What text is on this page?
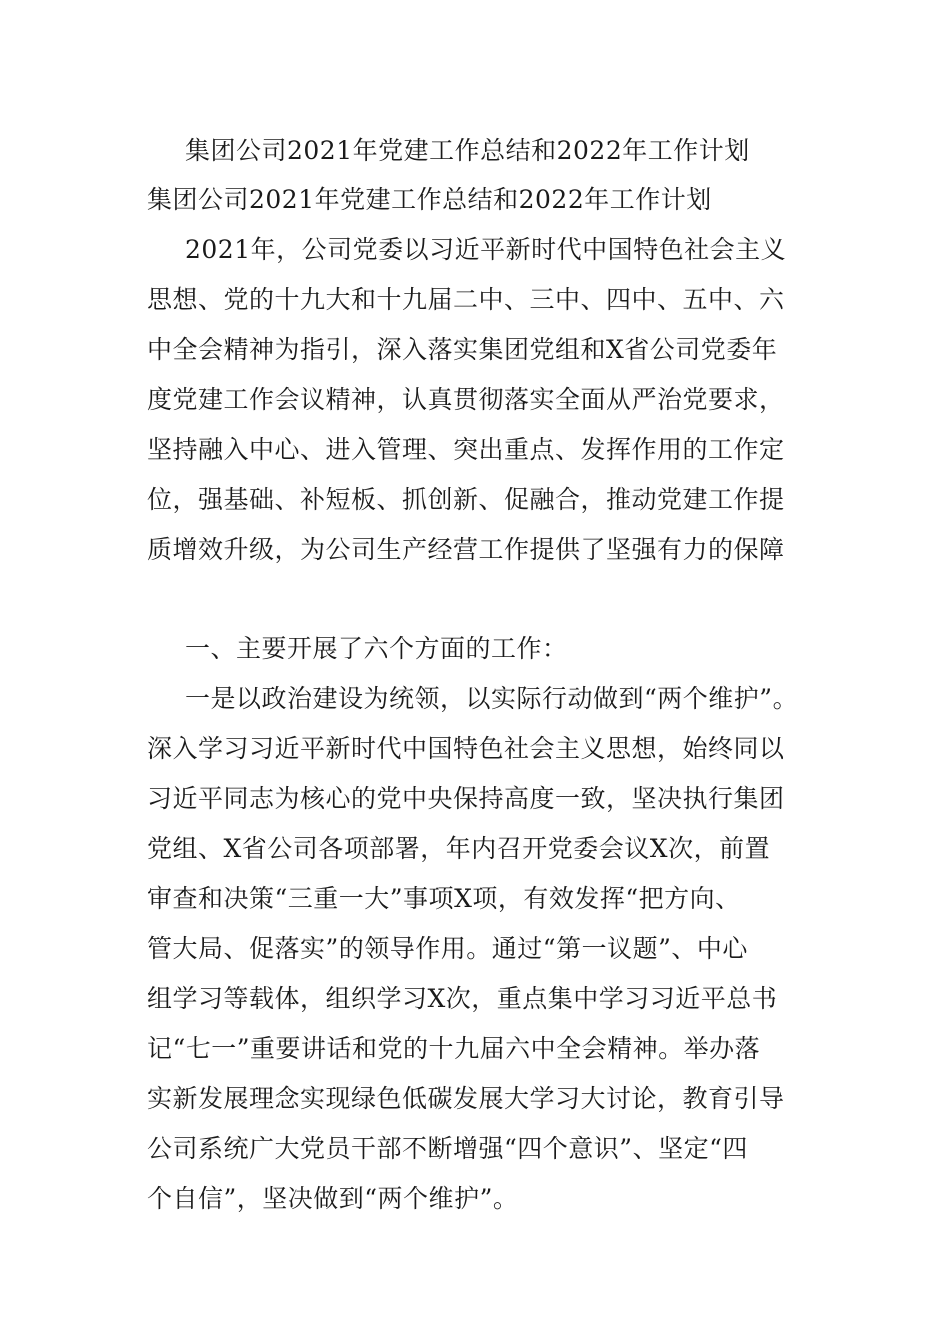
集团公司2021年党建工作总结和2022年工作计划
集团公司2021年党建工作总结和2022年工作计划
2021年，公司党委以习近平新时代中国特色社会主义
思想、党的十九大和十九届二中、三中、四中、五中、六
中全会精神为指引，深入落实集团党组和X省公司党委年
度党建工作会议精神，认真贯彻落实全面从严治党要求，
坚持融入中心、进入管理、突出重点、发挥作用的工作定
位，强基础、补短板、抓创新、促融合，推动党建工作提
质增效升级，为公司生产经营工作提供了坚强有力的保障
一、主要开展了六个方面的工作：
一是以政治建设为统领，以实际行动做到“两个维护”。
深入学习习近平新时代中国特色社会主义思想，始终同以
习近平同志为核心的党中央保持高度一致，坚决执行集团
党组、X省公司各项部署，年内召开党委会议X次，前置
审查和决策“三重一大”事项X项，有效发挥“把方向、
管大局、促落实”的领导作用。通过“第一议题”、中心
组学习等载体，组织学习X次，重点集中学习习近平总书
记“七一”重要讲话和党的十九届六中全会精神。举办落
实新发展理念实现绿色低碳发展大学习大讨论，教育引导
公司系统广大党员干部不断增强“四个意识”、坚定“四
个自信”，坚决做到“两个维护”。
